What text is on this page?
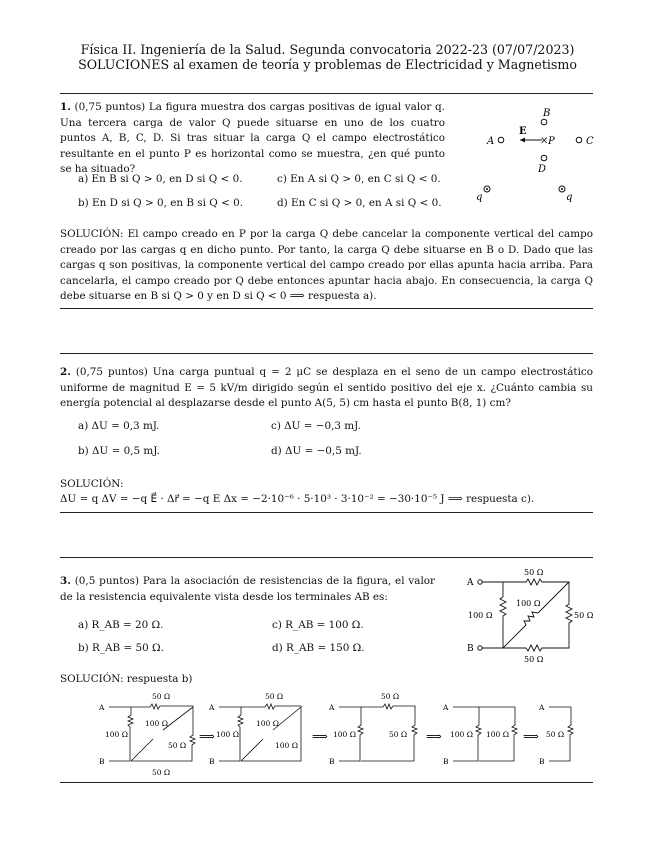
Física II. Ingeniería de la Salud. Segunda convocatoria 2022-23 (07/07/2023)
SOLUCIONES al examen de teoría y problemas de Electricidad y Magnetismo
1. (0,75 puntos) La figura muestra dos cargas positivas de igual valor q. Una tercera carga de valor Q puede situarse en uno de los cuatro puntos A, B, C, D. Si tras situar la carga Q el campo electrostático resultante en el punto P es horizontal como se muestra, ¿en qué punto se ha situado?
a) En B si Q > 0, en D si Q < 0.	c) En A si Q > 0, en C si Q < 0.
b) En D si Q > 0, en B si Q < 0.	d) En C si Q > 0, en A si Q < 0.
B
A
E
× P	C
D
q	q
SOLUCIÓN: El campo creado en P por la carga Q debe cancelar la componente vertical del campo creado por las cargas q en dicho punto. Por tanto, la carga Q debe situarse en B o D. Dado que las cargas q son positivas, la componente vertical del campo creado por ellas apunta hacia arriba. Para cancelarla, el campo creado por Q debe entonces apuntar hacia abajo. En consecuencia, la carga Q debe situarse en B si Q > 0 y en D si Q < 0 ⟹ respuesta a).
2. (0,75 puntos) Una carga puntual q = 2 μC se desplaza en el seno de un campo electrostático uniforme de magnitud E = 5 kV/m dirigido según el sentido positivo del eje x. ¿Cuánto cambia su energía potencial al desplazarse desde el punto A(5, 5) cm hasta el punto B(8, 1) cm?
a) ΔU = 0,3 mJ.	c) ΔU = −0,3 mJ.
b) ΔU = 0,5 mJ.	d) ΔU = −0,5 mJ.
SOLUCIÓN:
ΔU = q ΔV = −q E⃗ · Δr⃗ = −q E Δx = −2·10⁻⁶ · 5·10³ · 3·10⁻² = −30·10⁻⁵ J ⟹ respuesta c).
3. (0,5 puntos) Para la asociación de resistencias de la figura, el valor de la resistencia equivalente vista desde los terminales AB es:
a) R_AB = 20 Ω.	c) R_AB = 100 Ω.
b) R_AB = 50 Ω.	d) R_AB = 150 Ω.
A
B
50 Ω
100 Ω
100 Ω
50 Ω
50 Ω
SOLUCIÓN: respuesta b)
A
B
50 Ω
100 Ω
100 Ω
50 Ω
50 Ω
⟹
A
B
50 Ω
100 Ω
100 Ω
100 Ω
⟹
A
B
50 Ω
100 Ω	50 Ω ⟹
A
B
100 Ω 100 Ω ⟹
A
B
50 Ω
